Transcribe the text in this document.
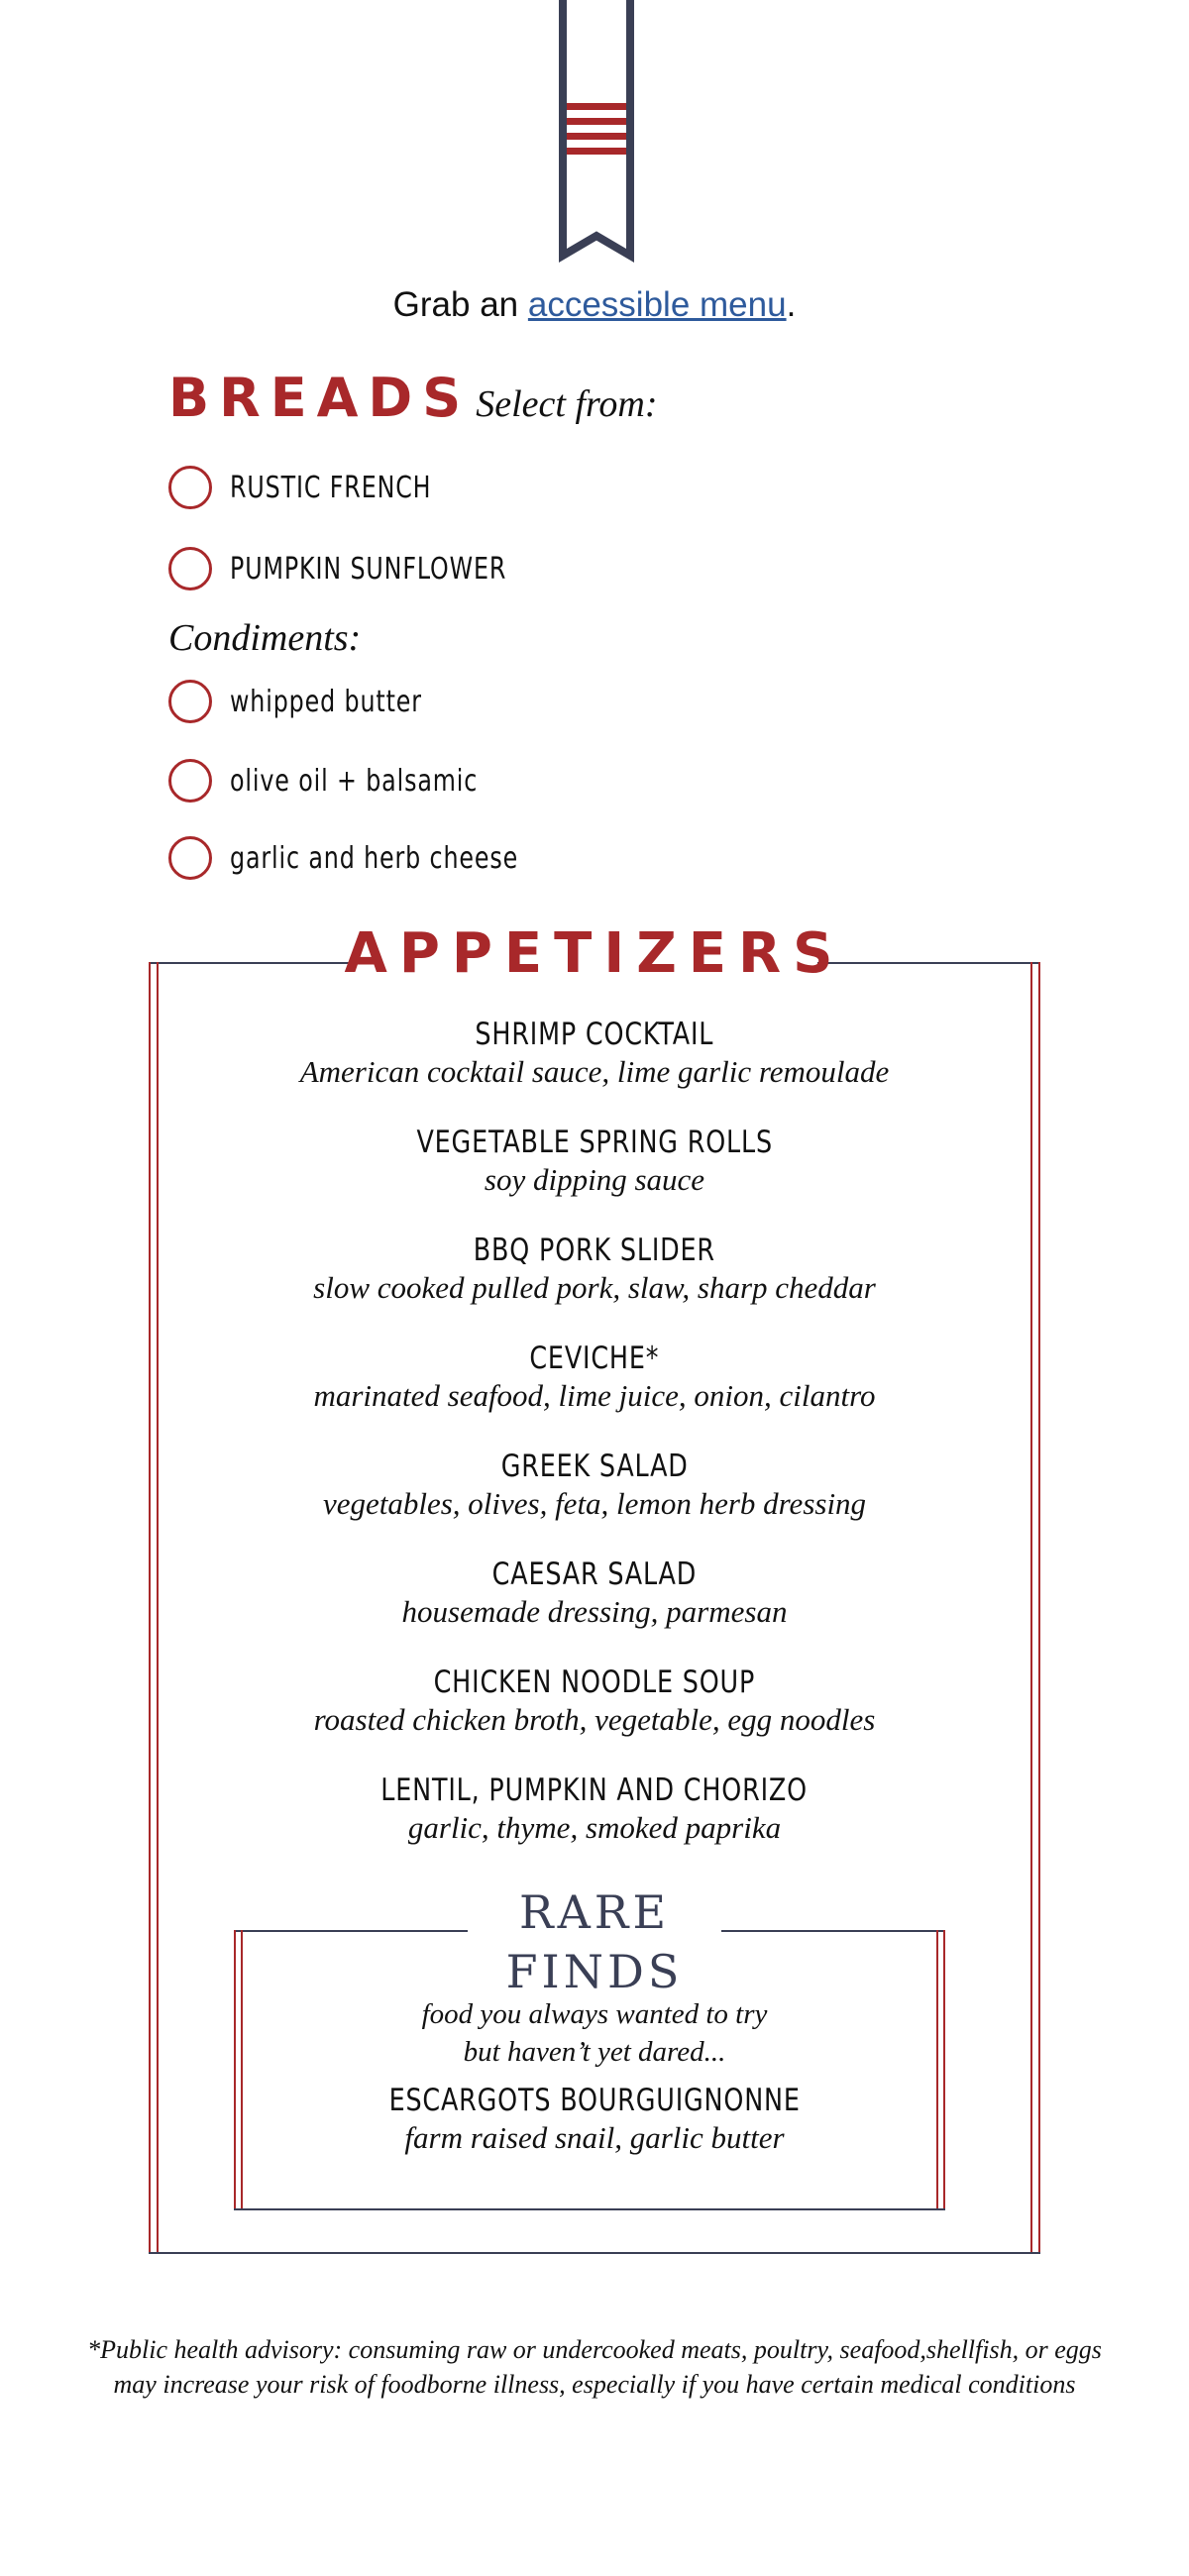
Grab an accessible menu.
BREADS Select from:
RUSTIC FRENCH
PUMPKIN SUNFLOWER
Condiments:
whipped butter
olive oil + balsamic
garlic and herb cheese
APPETIZERS
SHRIMP COCKTAIL
American cocktail sauce, lime garlic remoulade
VEGETABLE SPRING ROLLS
soy dipping sauce
BBQ PORK SLIDER
slow cooked pulled pork, slaw, sharp cheddar
CEVICHE*
marinated seafood, lime juice, onion, cilantro
GREEK SALAD
vegetables, olives, feta, lemon herb dressing
CAESAR SALAD
housemade dressing, parmesan
CHICKEN NOODLE SOUP
roasted chicken broth, vegetable, egg noodles
LENTIL, PUMPKIN AND CHORIZO
garlic, thyme, smoked paprika
RARE
FINDS
food you always wanted to try
but haven’t yet dared...
ESCARGOTS BOURGUIGNONNE
farm raised snail, garlic butter
*Public health advisory: consuming raw or undercooked meats, poultry, seafood,shellfish, or eggs
may increase your risk of foodborne illness, especially if you have certain medical conditions
